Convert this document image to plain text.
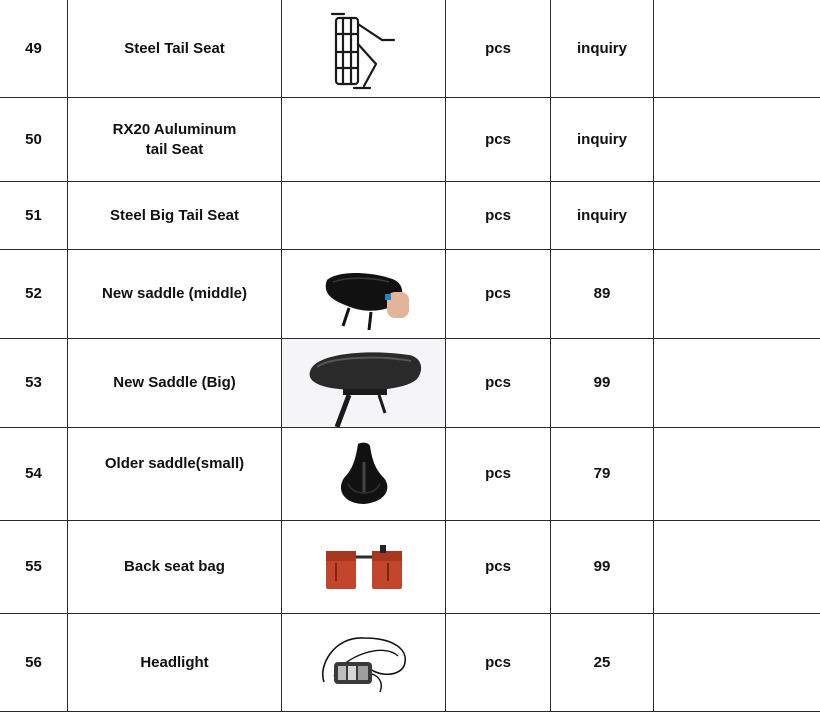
49	Steel Tail Seat		pcs	inquiry	
50	RX20 Auluminum tail Seat		pcs	inquiry	
51	Steel Big Tail Seat		pcs	inquiry	
52	New saddle (middle)		pcs	89	
53	New Saddle (Big)		pcs	99	
54	Older saddle(small)		pcs	79	
55	Back seat bag		pcs	99	
56	Headlight		pcs	25	
